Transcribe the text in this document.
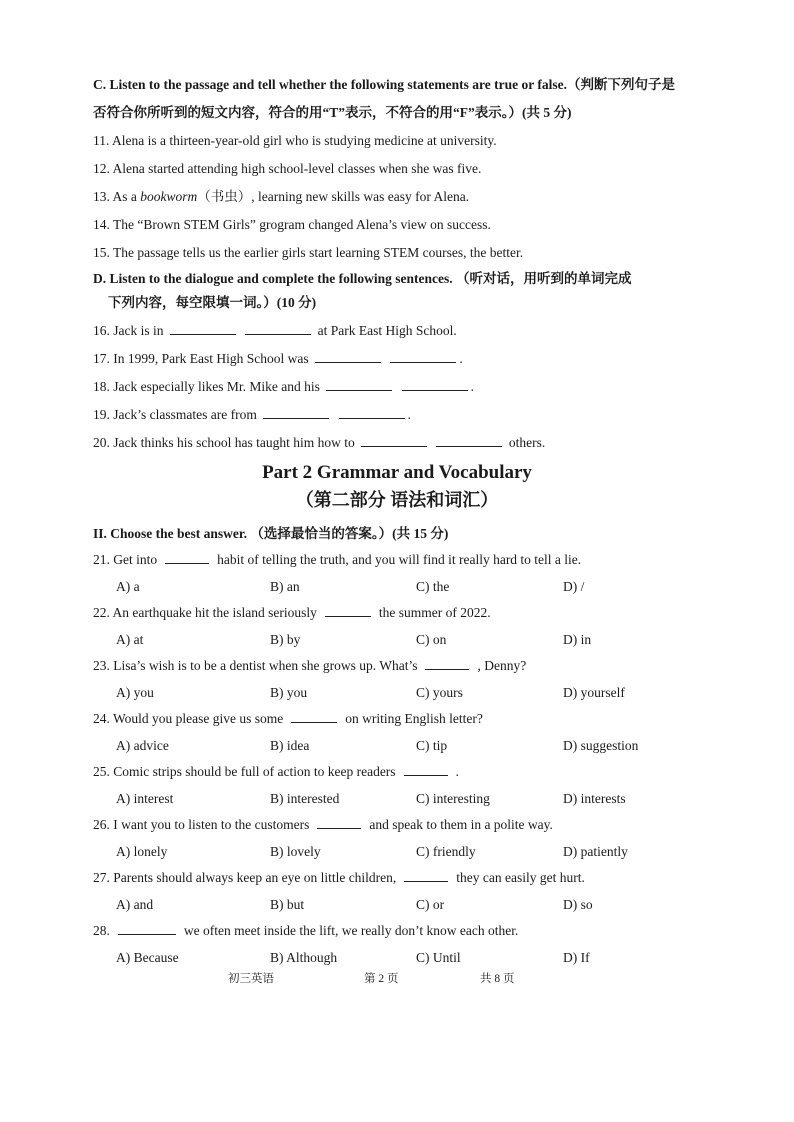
C. Listen to the passage and tell whether the following statements are true or false.（判断下列句子是
否符合你所听到的短文内容，符合的用“T”表示，不符合的用“F”表示。）(共 5 分)
11. Alena is a thirteen-year-old girl who is studying medicine at university.
12. Alena started attending high school-level classes when she was five.
13. As a bookworm（书虫）, learning new skills was easy for Alena.
14. The “Brown STEM Girls” grogram changed Alena’s view on success.
15. The passage tells us the earlier girls start learning STEM courses, the better.
D. Listen to the dialogue and complete the following sentences. （听对话，用听到的单词完成
下列内容，每空限填一词。）(10 分)
16. Jack is in	at Park East High School.
17. In 1999, Park East High School was	.
18. Jack especially likes Mr. Mike and his	.
19. Jack’s classmates are from	.
20. Jack thinks his school has taught him how to	others.
Part 2 Grammar and Vocabulary
（第二部分 语法和词汇）
II. Choose the best answer. （选择最恰当的答案。）(共 15 分)
21. Get into	habit of telling the truth, and you will find it really hard to tell a lie.
A) a	B) an	C) the	D) /
22. An earthquake hit the island seriously	the summer of 2022.
A) at	B) by	C) on	D) in
23. Lisa’s wish is to be a dentist when she grows up. What’s	, Denny?
A) you	B) you	C) yours	D) yourself
24. Would you please give us some	on writing English letter?
A) advice	B) idea	C) tip	D) suggestion
25. Comic strips should be full of action to keep readers	.
A) interest	B) interested	C) interesting	D) interests
26. I want you to listen to the customers	and speak to them in a polite way.
A) lonely	B) lovely	C) friendly	D) patiently
27. Parents should always keep an eye on little children,	they can easily get hurt.
A) and	B) but	C) or	D) so
28.	we often meet inside the lift, we really don’t know each other.
A) Because	B) Although	C) Until	D) If
初三英语	第 2 页	共 8 页
